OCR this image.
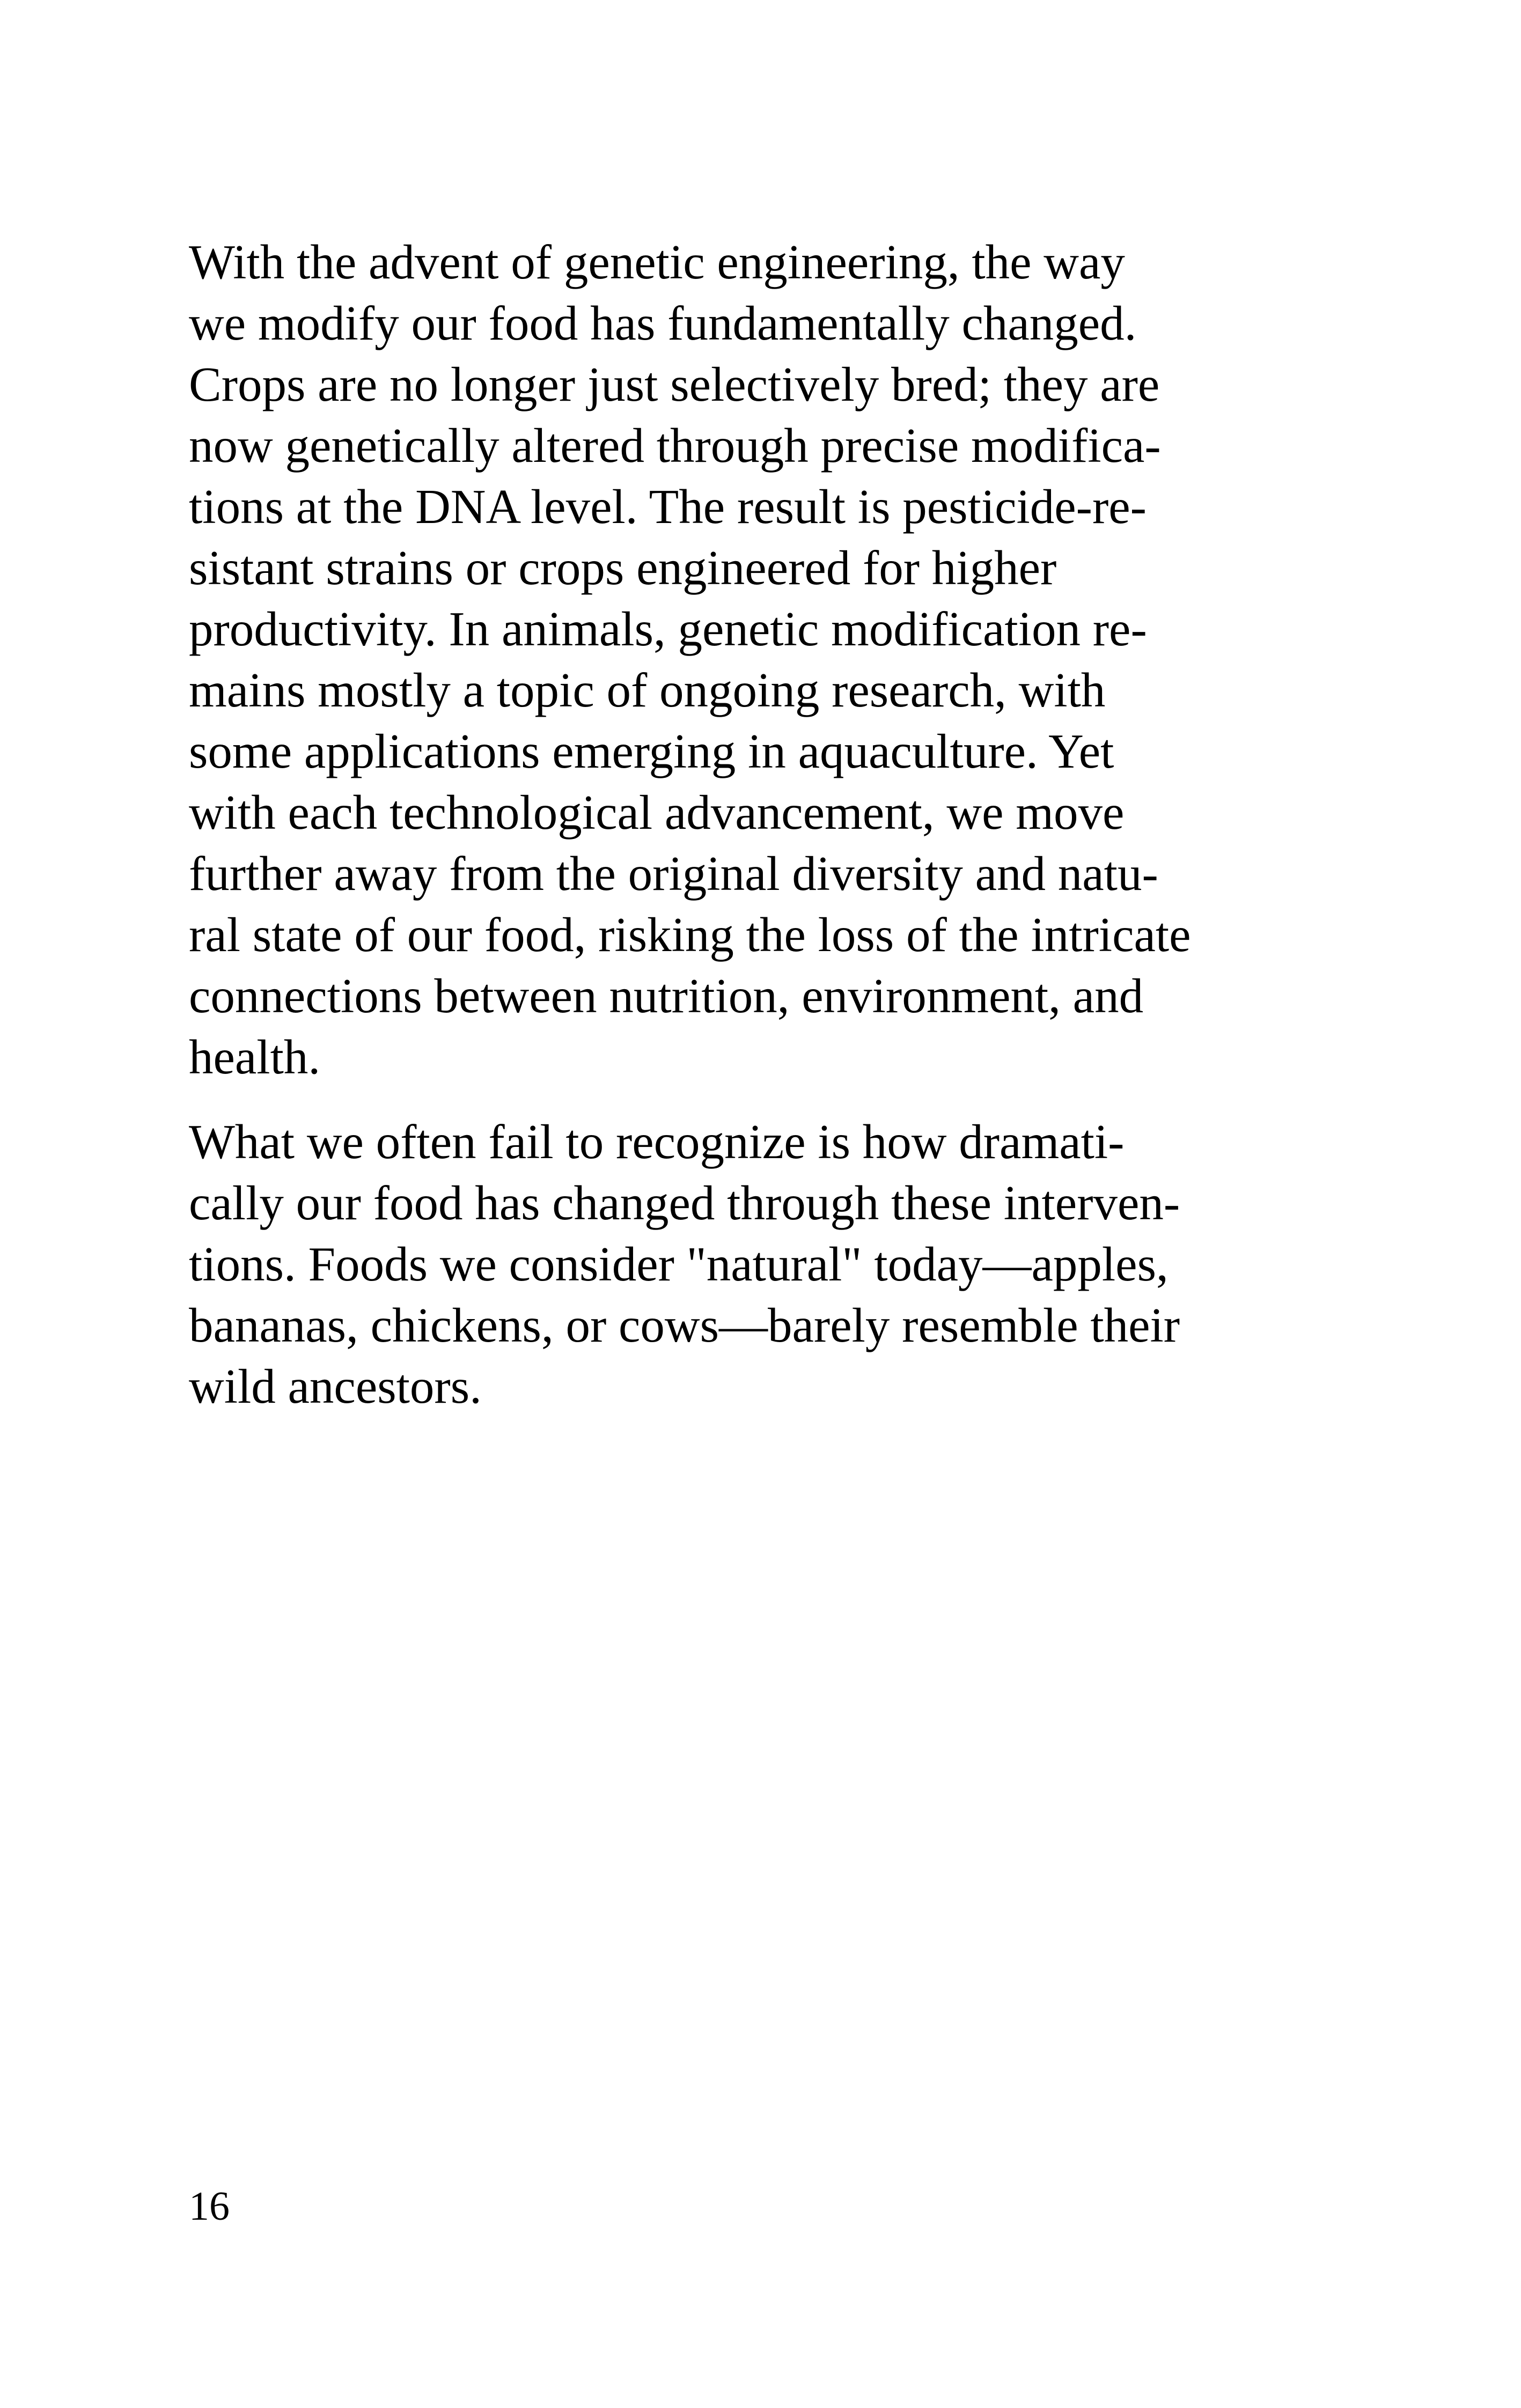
With the advent of genetic engineering, the way
we modify our food has fundamentally changed.
Crops are no longer just selectively bred; they are
now genetically altered through precise modifica-
tions at the DNA level. The result is pesticide-re-
sistant strains or crops engineered for higher
productivity. In animals, genetic modification re-
mains mostly a topic of ongoing research, with
some applications emerging in aquaculture. Yet
with each technological advancement, we move
further away from the original diversity and natu-
ral state of our food, risking the loss of the intricate
connections between nutrition, environment, and
health.
What we often fail to recognize is how dramati-
cally our food has changed through these interven-
tions. Foods we consider "natural" today—apples,
bananas, chickens, or cows—barely resemble their
wild ancestors.
16
